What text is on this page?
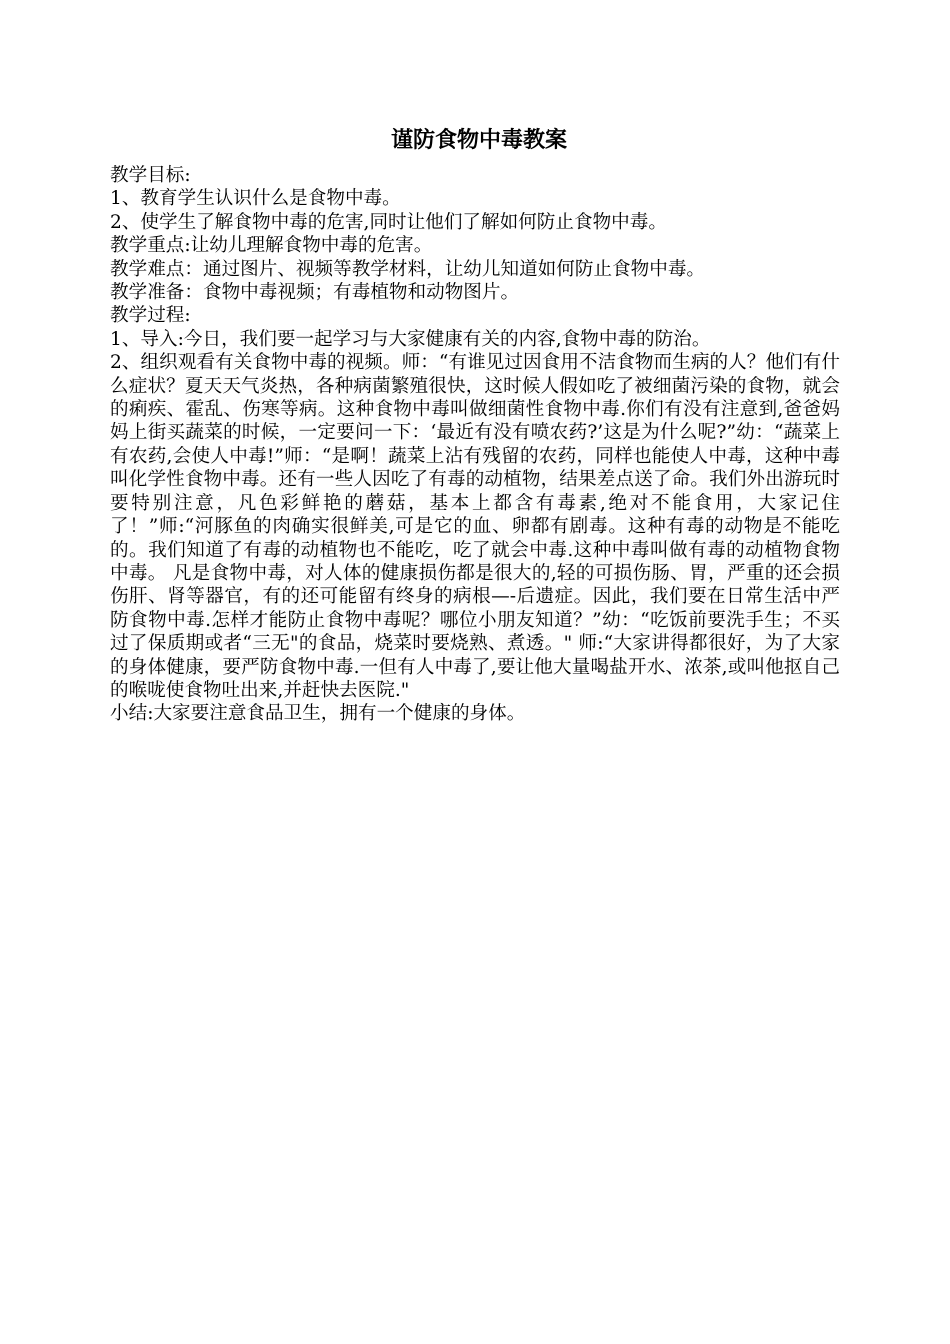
谨防食物中毒教案

教学目标:

1、教育学生认识什么是食物中毒。

2、使学生了解食物中毒的危害,同时让他们了解如何防止食物中毒。

教学重点:让幼儿理解食物中毒的危害。

教学难点：通过图片、视频等教学材料，让幼儿知道如何防止食物中毒。

教学准备：食物中毒视频；有毒植物和动物图片。

教学过程:

1、导入:今日，我们要一起学习与大家健康有关的内容,食物中毒的防治。

2、组织观看有关食物中毒的视频。师：“有谁见过因食用不洁食物而生病的人？他们有什么症状？夏天天气炎热，各种病菌繁殖很快，这时候人假如吃了被细菌污染的食物，就会的痢疾、霍乱、伤寒等病。这种食物中毒叫做细菌性食物中毒.你们有没有注意到,爸爸妈妈上街买蔬菜的时候，一定要问一下：‘最近有没有喷农药?’这是为什么呢?”幼：“蔬菜上有农药,会使人中毒!”师：“是啊！蔬菜上沾有残留的农药，同样也能使人中毒，这种中毒叫化学性食物中毒。还有一些人因吃了有毒的动植物，结果差点送了命。我们外出游玩时要特别注意，凡色彩鲜艳的蘑菇，基本上都含有毒素,绝对不能食用，大家记住了！”师:“河豚鱼的肉确实很鲜美,可是它的血、卵都有剧毒。这种有毒的动物是不能吃的。我们知道了有毒的动植物也不能吃，吃了就会中毒.这种中毒叫做有毒的动植物食物中毒。 凡是食物中毒，对人体的健康损伤都是很大的,轻的可损伤肠、胃，严重的还会损伤肝、肾等器官，有的还可能留有终身的病根—-后遗症。因此，我们要在日常生活中严防食物中毒.怎样才能防止食物中毒呢？哪位小朋友知道？”幼：“吃饭前要洗手生；不买过了保质期或者“三无"的食品，烧菜时要烧熟、煮透。" 师:“大家讲得都很好，为了大家的身体健康，要严防食物中毒.一但有人中毒了,要让他大量喝盐开水、浓茶,或叫他抠自己的喉咙使食物吐出来,并赶快去医院."

小结:大家要注意食品卫生，拥有一个健康的身体。
